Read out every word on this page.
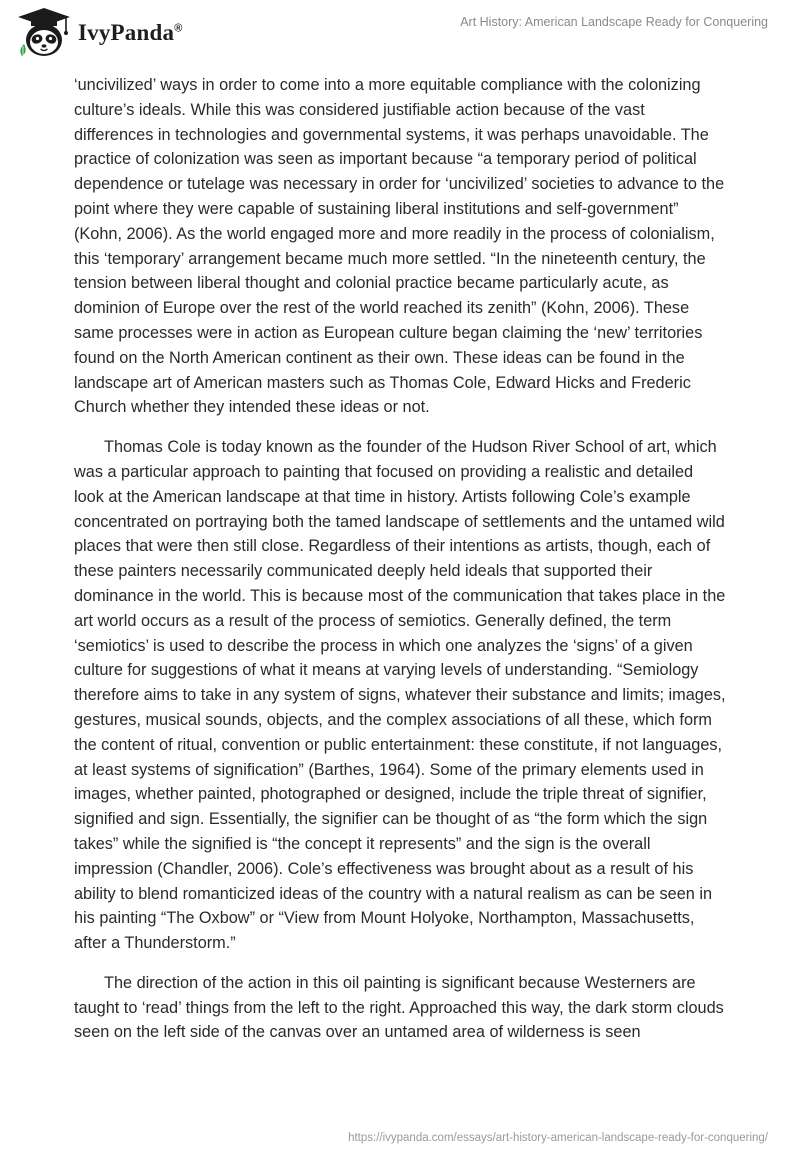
IvyPanda®	Art History: American Landscape Ready for Conquering

‘uncivilized’ ways in order to come into a more equitable compliance with the colonizing culture’s ideals. While this was considered justifiable action because of the vast differences in technologies and governmental systems, it was perhaps unavoidable. The practice of colonization was seen as important because “a temporary period of political dependence or tutelage was necessary in order for ‘uncivilized’ societies to advance to the point where they were capable of sustaining liberal institutions and self-government” (Kohn, 2006). As the world engaged more and more readily in the process of colonialism, this ‘temporary’ arrangement became much more settled. “In the nineteenth century, the tension between liberal thought and colonial practice became particularly acute, as dominion of Europe over the rest of the world reached its zenith” (Kohn, 2006). These same processes were in action as European culture began claiming the ‘new’ territories found on the North American continent as their own. These ideas can be found in the landscape art of American masters such as Thomas Cole, Edward Hicks and Frederic Church whether they intended these ideas or not.

Thomas Cole is today known as the founder of the Hudson River School of art, which was a particular approach to painting that focused on providing a realistic and detailed look at the American landscape at that time in history. Artists following Cole’s example concentrated on portraying both the tamed landscape of settlements and the untamed wild places that were then still close. Regardless of their intentions as artists, though, each of these painters necessarily communicated deeply held ideals that supported their dominance in the world. This is because most of the communication that takes place in the art world occurs as a result of the process of semiotics. Generally defined, the term ‘semiotics’ is used to describe the process in which one analyzes the ‘signs’ of a given culture for suggestions of what it means at varying levels of understanding. “Semiology therefore aims to take in any system of signs, whatever their substance and limits; images, gestures, musical sounds, objects, and the complex associations of all these, which form the content of ritual, convention or public entertainment: these constitute, if not languages, at least systems of signification” (Barthes, 1964). Some of the primary elements used in images, whether painted, photographed or designed, include the triple threat of signifier, signified and sign. Essentially, the signifier can be thought of as “the form which the sign takes” while the signified is “the concept it represents” and the sign is the overall impression (Chandler, 2006). Cole’s effectiveness was brought about as a result of his ability to blend romanticized ideas of the country with a natural realism as can be seen in his painting “The Oxbow” or “View from Mount Holyoke, Northampton, Massachusetts, after a Thunderstorm.”

The direction of the action in this oil painting is significant because Westerners are taught to ‘read’ things from the left to the right. Approached this way, the dark storm clouds seen on the left side of the canvas over an untamed area of wilderness is seen

https://ivypanda.com/essays/art-history-american-landscape-ready-for-conquering/
